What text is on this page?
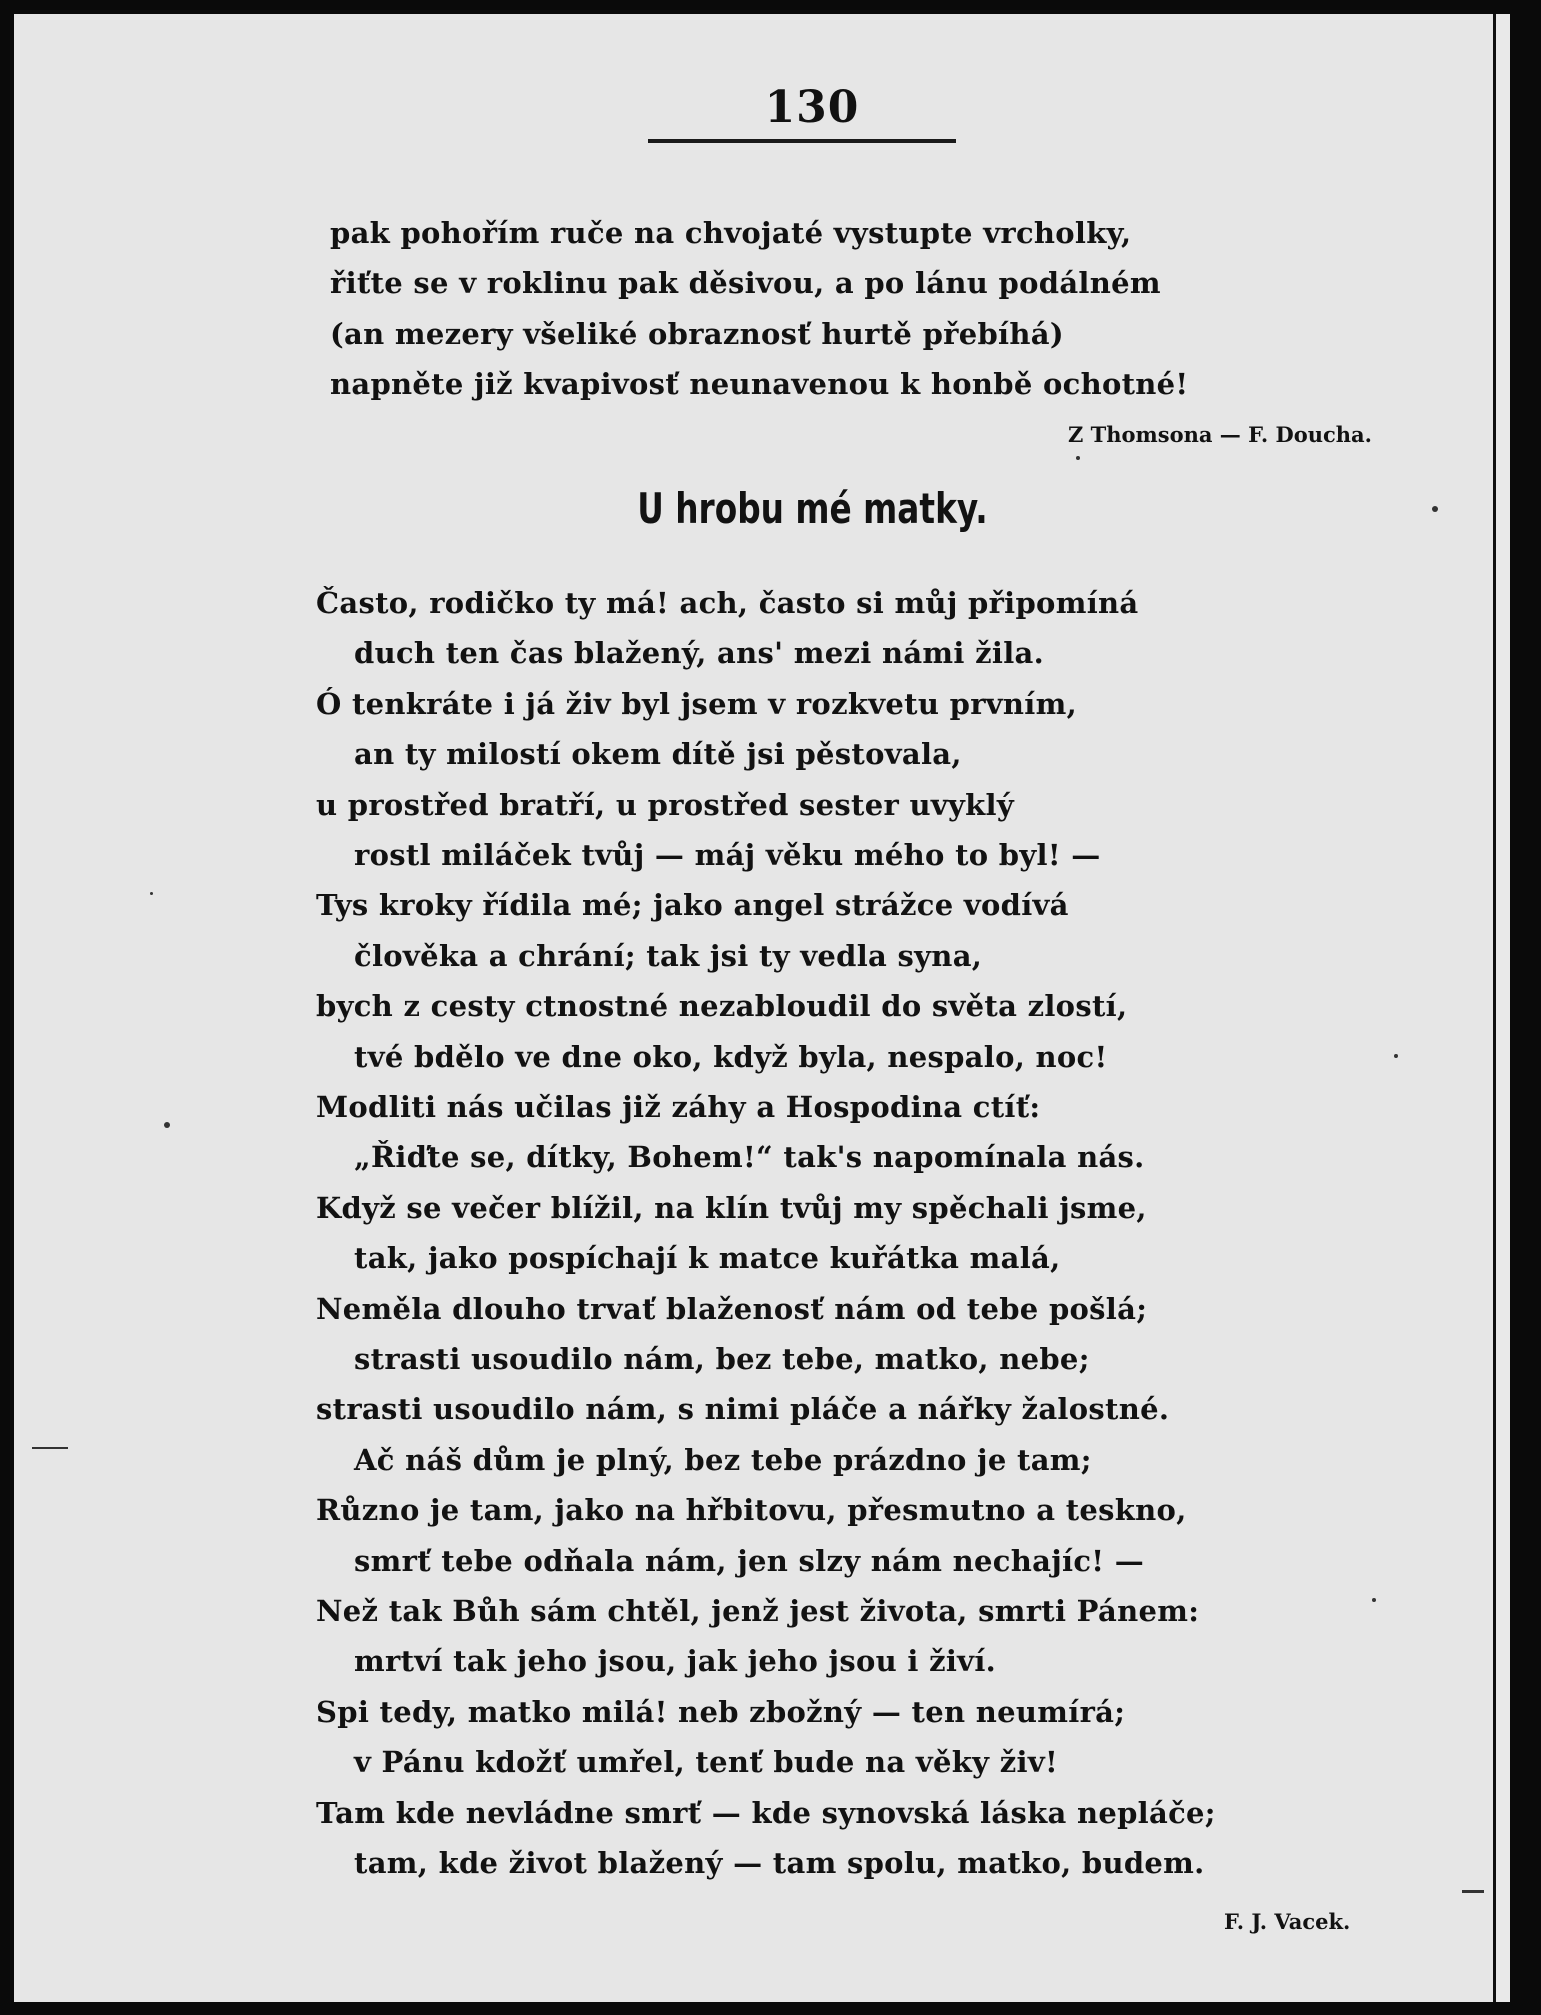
130
pak pohořím ruče na chvojaté vystupte vrcholky,
řiťte se v roklinu pak děsivou, a po lánu podálném
(an mezery všeliké obraznosť hurtě přebíhá)
napněte již kvapivosť neunavenou k honbě ochotné!
Z Thomsona — F. Doucha.
U hrobu mé matky.
Často, rodičko ty má! ach, často si můj připomíná
duch ten čas blažený, ans' mezi námi žila.
Ó tenkráte i já živ byl jsem v rozkvetu prvním,
an ty milostí okem dítě jsi pěstovala,
u prostřed bratří, u prostřed sester uvyklý
rostl miláček tvůj — máj věku mého to byl! —
Tys kroky řídila mé; jako angel strážce vodívá
člověka a chrání; tak jsi ty vedla syna,
bych z cesty ctnostné nezabloudil do světa zlostí,
tvé bdělo ve dne oko, když byla, nespalo, noc!
Modliti nás učilas již záhy a Hospodina ctíť:
„Řiďte se, dítky, Bohem!“ tak's napomínala nás.
Když se večer blížil, na klín tvůj my spěchali jsme,
tak, jako pospíchají k matce kuřátka malá,
Neměla dlouho trvať blaženosť nám od tebe pošlá;
strasti usoudilo nám, bez tebe, matko, nebe;
strasti usoudilo nám, s nimi pláče a nářky žalostné.
Ač náš dům je plný, bez tebe prázdno je tam;
Různo je tam, jako na hřbitovu, přesmutno a teskno,
smrť tebe odňala nám, jen slzy nám nechajíc! —
Než tak Bůh sám chtěl, jenž jest života, smrti Pánem:
mrtví tak jeho jsou, jak jeho jsou i živí.
Spi tedy, matko milá! neb zbožný — ten neumírá;
v Pánu kdožť umřel, tenť bude na věky živ!
Tam kde nevládne smrť — kde synovská láska nepláče;
tam, kde život blažený — tam spolu, matko, budem.
F. J. Vacek.
